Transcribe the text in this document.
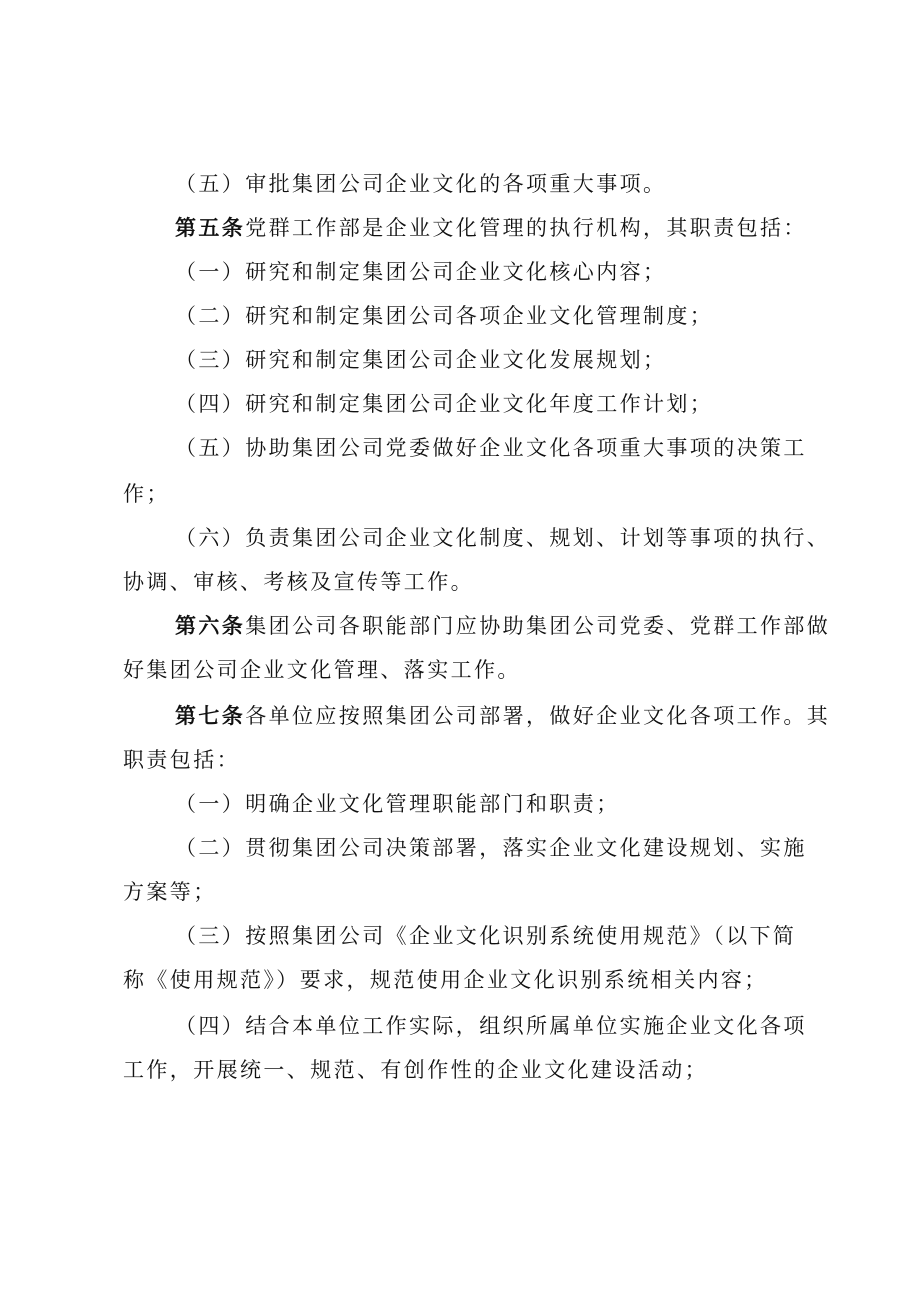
（五）审批集团公司企业文化的各项重大事项。
第五条党群工作部是企业文化管理的执行机构，其职责包括：
（一）研究和制定集团公司企业文化核心内容；
（二）研究和制定集团公司各项企业文化管理制度；
（三）研究和制定集团公司企业文化发展规划；
（四）研究和制定集团公司企业文化年度工作计划；
（五）协助集团公司党委做好企业文化各项重大事项的决策工
作；
（六）负责集团公司企业文化制度、规划、计划等事项的执行、
协调、审核、考核及宣传等工作。
第六条集团公司各职能部门应协助集团公司党委、党群工作部做
好集团公司企业文化管理、落实工作。
第七条各单位应按照集团公司部署，做好企业文化各项工作。其
职责包括：
（一）明确企业文化管理职能部门和职责；
（二）贯彻集团公司决策部署，落实企业文化建设规划、实施
方案等；
（三）按照集团公司《企业文化识别系统使用规范》（以下简
称《使用规范》）要求，规范使用企业文化识别系统相关内容；
（四）结合本单位工作实际，组织所属单位实施企业文化各项
工作，开展统一、规范、有创作性的企业文化建设活动；
